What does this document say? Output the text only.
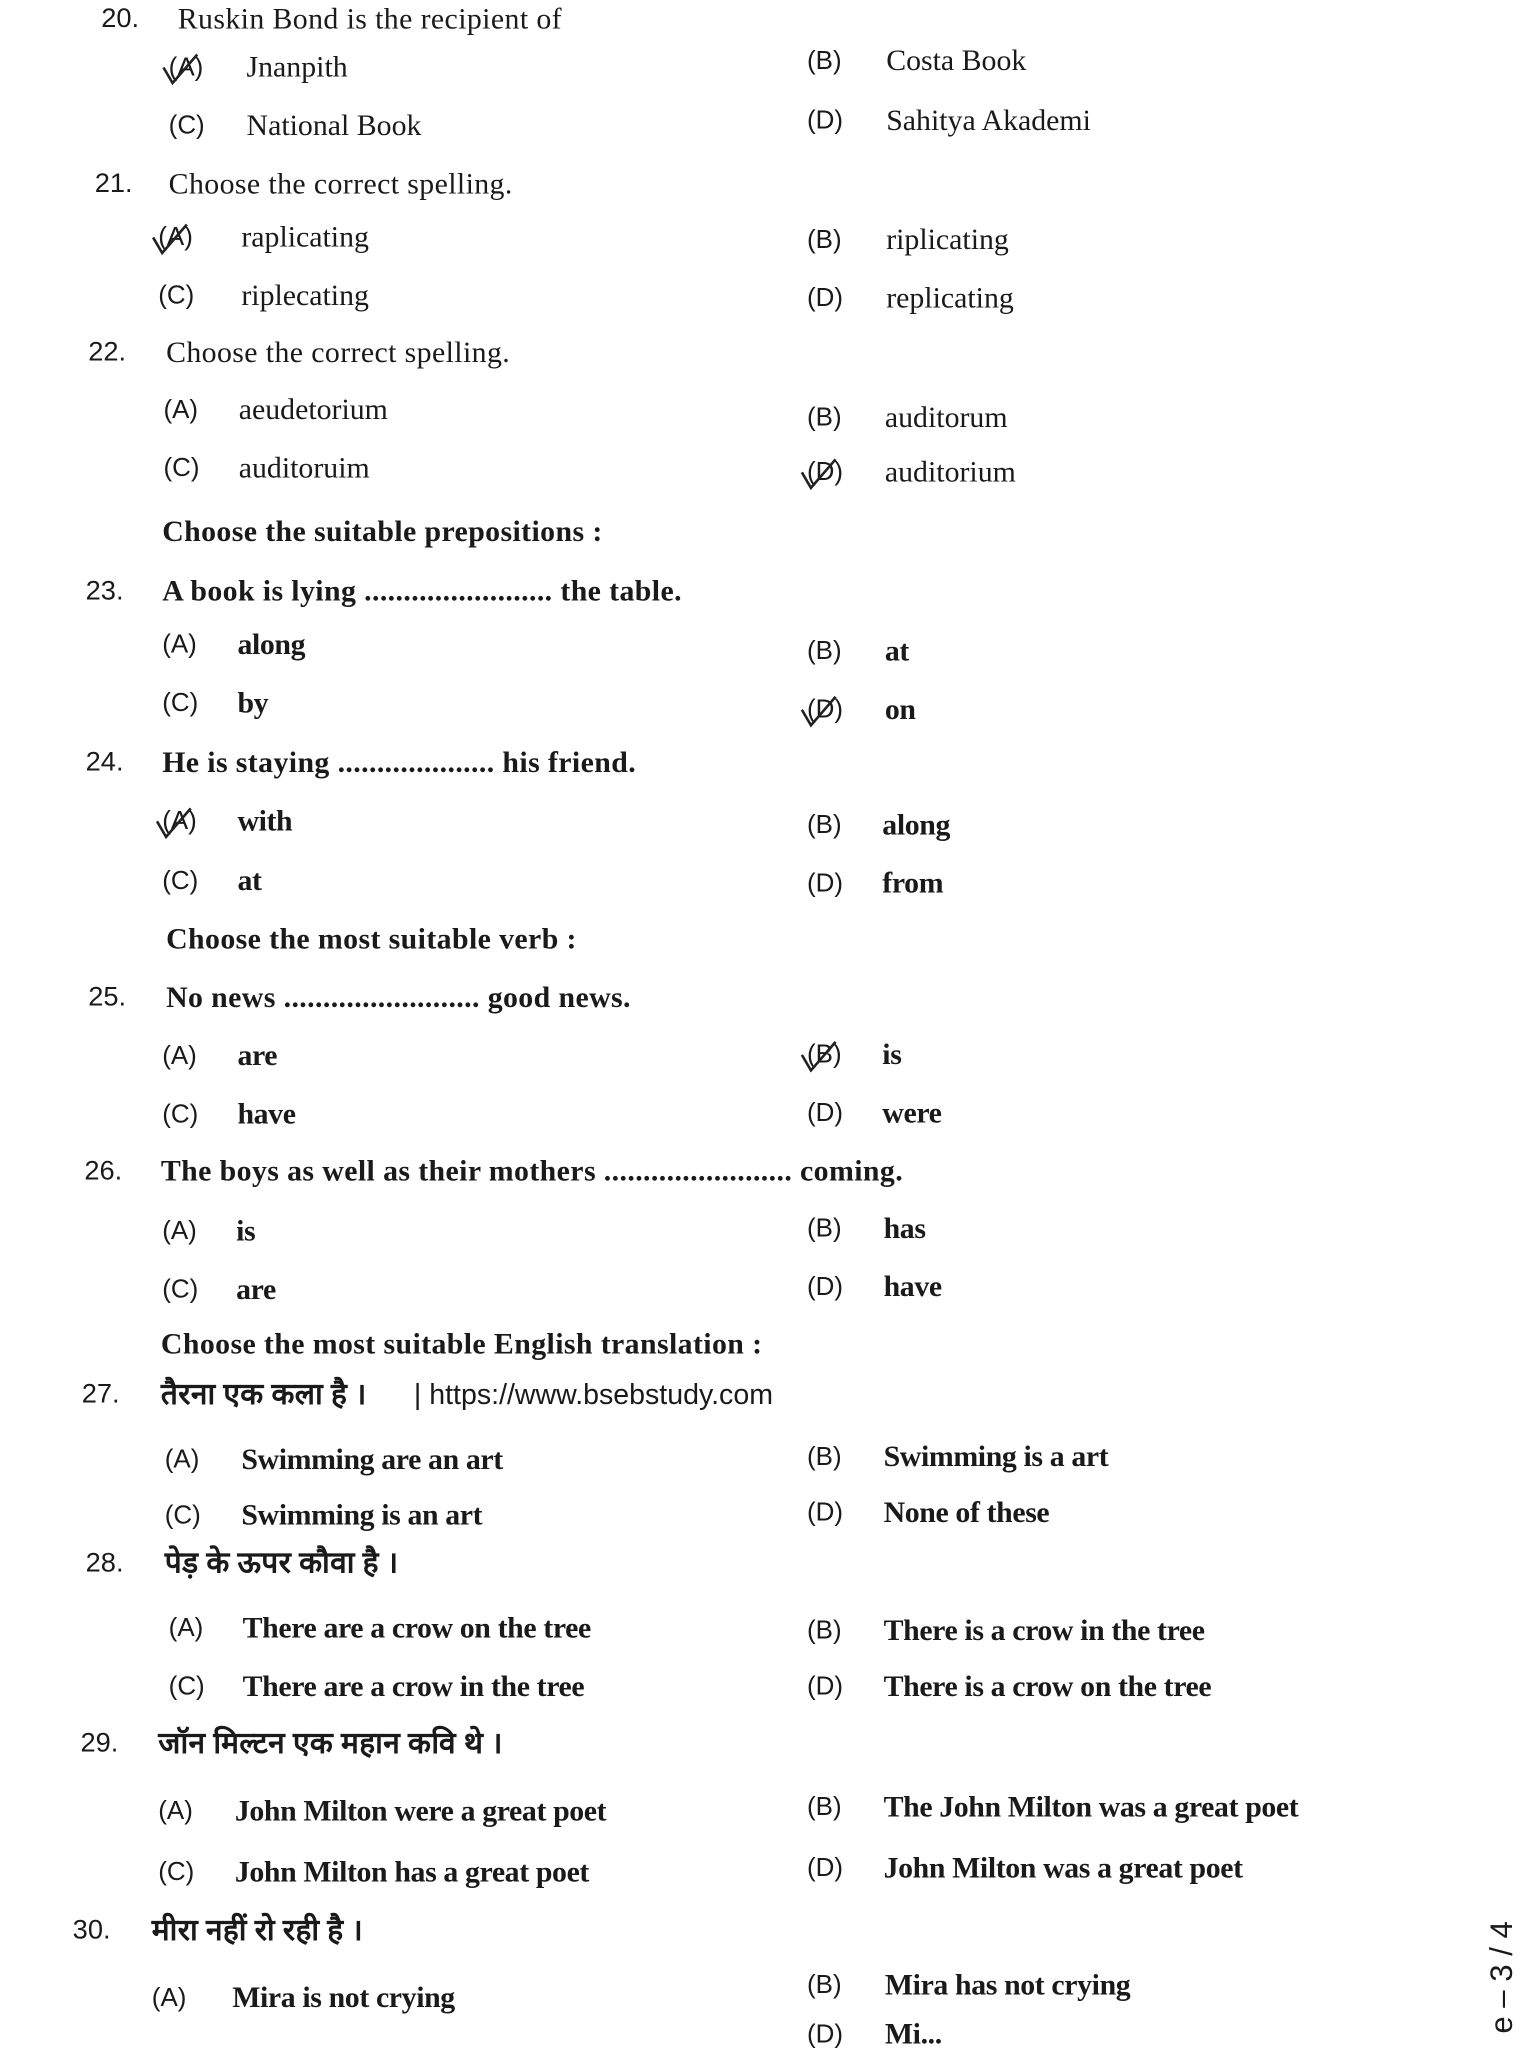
e – 3 / 4
20. Ruskin Bond is the recipient of
(A) Jnanpith	(B) Costa Book
(C) National Book	(D) Sahitya Akademi
21. Choose the correct spelling.
(A) raplicating	(B) riplicating
(C) riplecating	(D) replicating
22. Choose the correct spelling.
(A) aeudetorium	(B) auditorum
(C) auditoruim	(D) auditorium
Choose the suitable prepositions :
23. A book is lying ........................ the table.
(A) along	(B) at
(C) by	(D) on
24. He is staying .................... his friend.
(A) with	(B) along
(C) at	(D) from
Choose the most suitable verb :
25. No news ......................... good news.
(A) are	(B) is
(C) have	(D) were
26. The boys as well as their mothers ........................ coming.
(A) is	(B) has
(C) are	(D) have
Choose the most suitable English translation :
27. तैरना एक कला है । | https://www.bsebstudy.com
(A) Swimming are an art	(B) Swimming is a art
(C) Swimming is an art	(D) None of these
28. पेड़ के ऊपर कौवा है ।
(A) There are a crow on the tree	(B) There is a crow in the tree
(C) There are a crow in the tree	(D) There is a crow on the tree
29. जॉन मिल्टन एक महान कवि थे ।
(A) John Milton were a great poet	(B) The John Milton was a great poet
(C) John Milton has a great poet	(D) John Milton was a great poet
30. मीरा नहीं रो रही है ।
(A) Mira is not crying	(B) Mira has not crying
(D) Mi...
